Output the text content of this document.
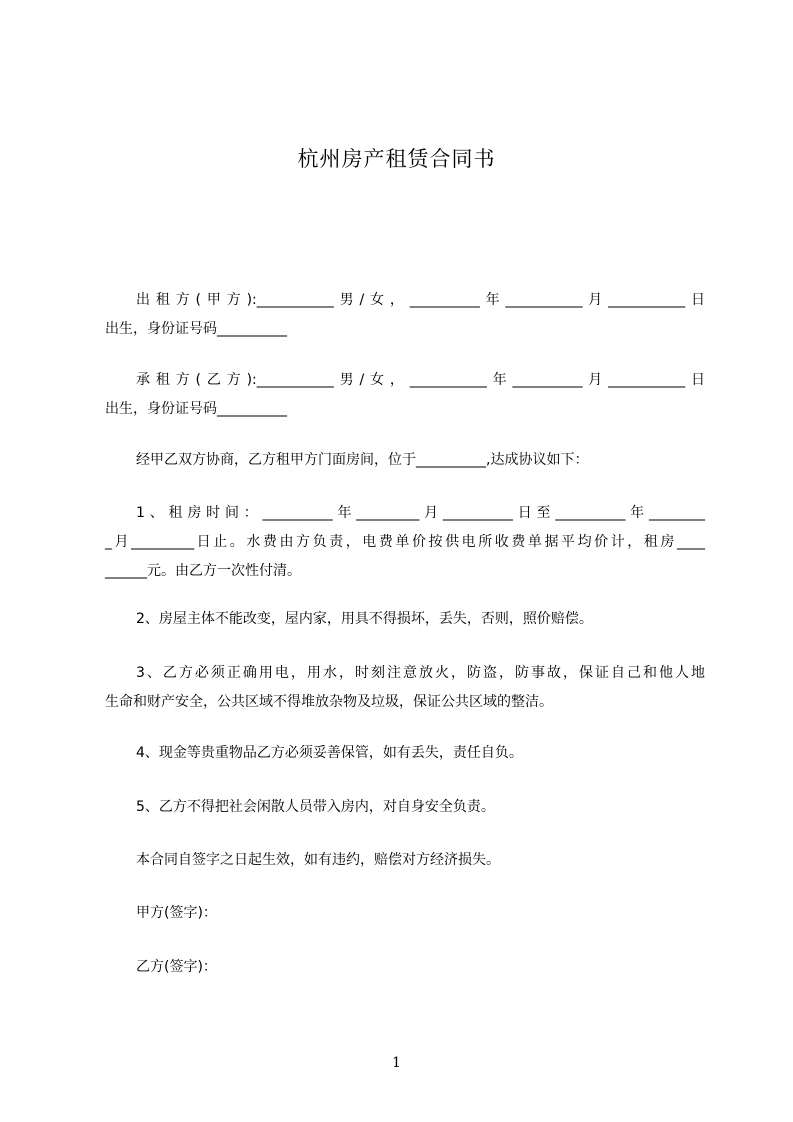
杭州房产租赁合同书
出租方(甲方):___________男/女，__________年___________月___________日
出生，身份证号码__________
承租方(乙方):___________男/女，___________年__________月___________日
出生，身份证号码__________
经甲乙双方协商，乙方租甲方门面房间，位于__________,达成协议如下：
1、租房时间：__________年_________月__________日至__________年________
_月_________日止。水费由方负责，电费单价按供电所收费单据平均价计，租房____
______元。由乙方一次性付清。
2、房屋主体不能改变，屋内家，用具不得损坏，丢失，否则，照价赔偿。
3、乙方必须正确用电，用水，时刻注意放火，防盗，防事故，保证自己和他人地
生命和财产安全，公共区域不得堆放杂物及垃圾，保证公共区域的整洁。
4、现金等贵重物品乙方必须妥善保管，如有丢失，责任自负。
5、乙方不得把社会闲散人员带入房内，对自身安全负责。
本合同自签字之日起生效，如有违约，赔偿对方经济损失。
甲方(签字)：
乙方(签字)：
1
